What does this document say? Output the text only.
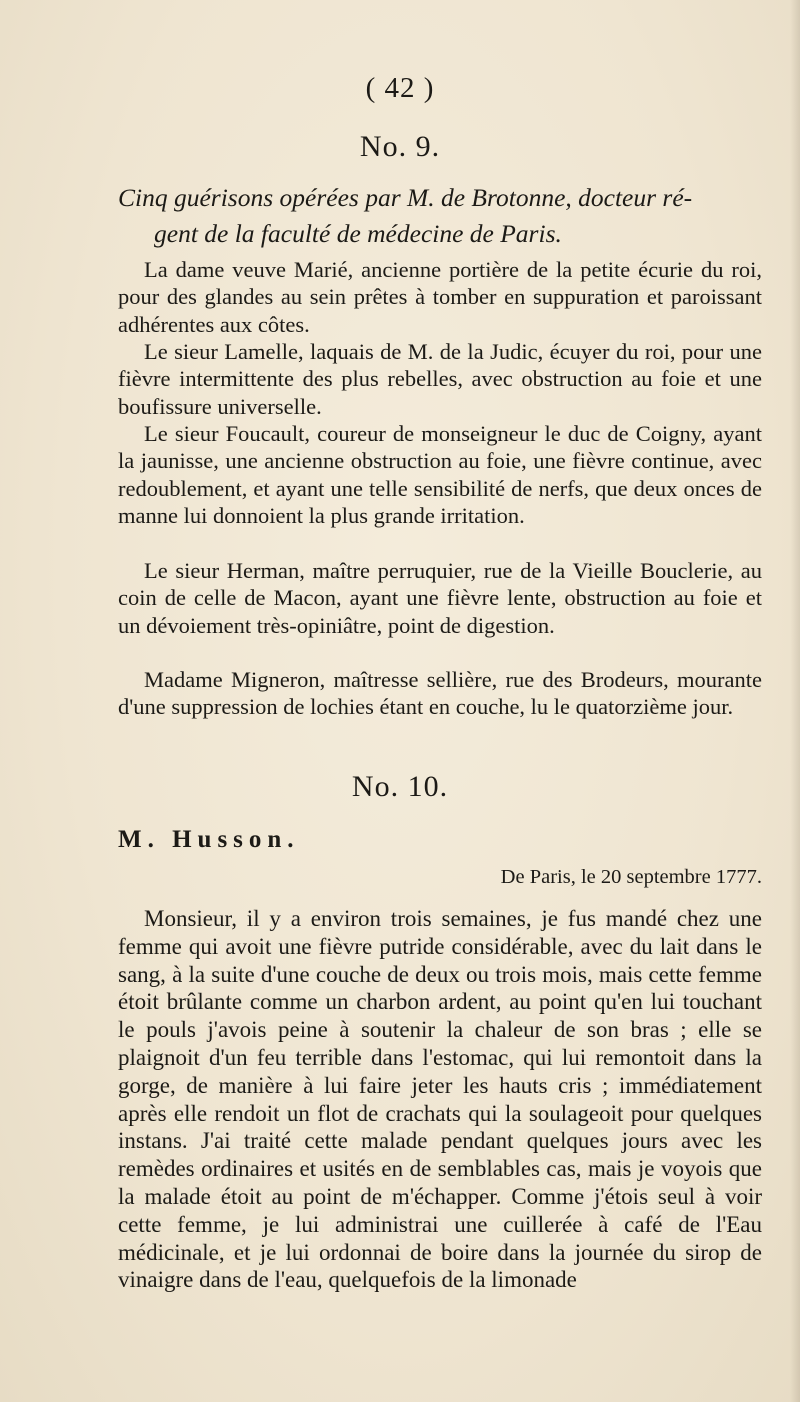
( 42 )
No. 9.
Cinq guérisons opérées par M. de Brotonne, docteur ré-
gent de la faculté de médecine de Paris.

La dame veuve Marié, ancienne portière de la petite écurie du roi, pour des glandes au sein prêtes à tomber en suppuration et paroissant adhérentes aux côtes.

Le sieur Lamelle, laquais de M. de la Judic, écuyer du roi, pour une fièvre intermittente des plus rebelles, avec obstruction au foie et une boufissure universelle.

Le sieur Foucault, coureur de monseigneur le duc de Coigny, ayant la jaunisse, une ancienne obstruction au foie, une fièvre continue, avec redoublement, et ayant une telle sensibilité de nerfs, que deux onces de manne lui donnoient la plus grande irritation.

Le sieur Herman, maître perruquier, rue de la Vieille Bouclerie, au coin de celle de Macon, ayant une fièvre lente, obstruction au foie et un dévoiement très-opiniâtre, point de digestion.

Madame Migneron, maîtresse sellière, rue des Brodeurs, mourante d'une suppression de lochies étant en couche, lu le quatorzième jour.

No. 10.
M. Husson.
De Paris, le 20 septembre 1777.

Monsieur, il y a environ trois semaines, je fus mandé chez une femme qui avoit une fièvre putride considérable, avec du lait dans le sang, à la suite d'une couche de deux ou trois mois, mais cette femme étoit brûlante comme un charbon ardent, au point qu'en lui touchant le pouls j'avois peine à soutenir la chaleur de son bras ; elle se plaignoit d'un feu terrible dans l'estomac, qui lui remontoit dans la gorge, de manière à lui faire jeter les hauts cris ; immédiatement après elle rendoit un flot de crachats qui la soulageoit pour quelques instans. J'ai traité cette malade pendant quelques jours avec les remèdes ordinaires et usités en de semblables cas, mais je voyois que la malade étoit au point de m'échapper. Comme j'étois seul à voir cette femme, je lui administrai une cuillerée à café de l'Eau médicinale, et je lui ordonnai de boire dans la journée du sirop de vinaigre dans de l'eau, quelquefois de la limonade
